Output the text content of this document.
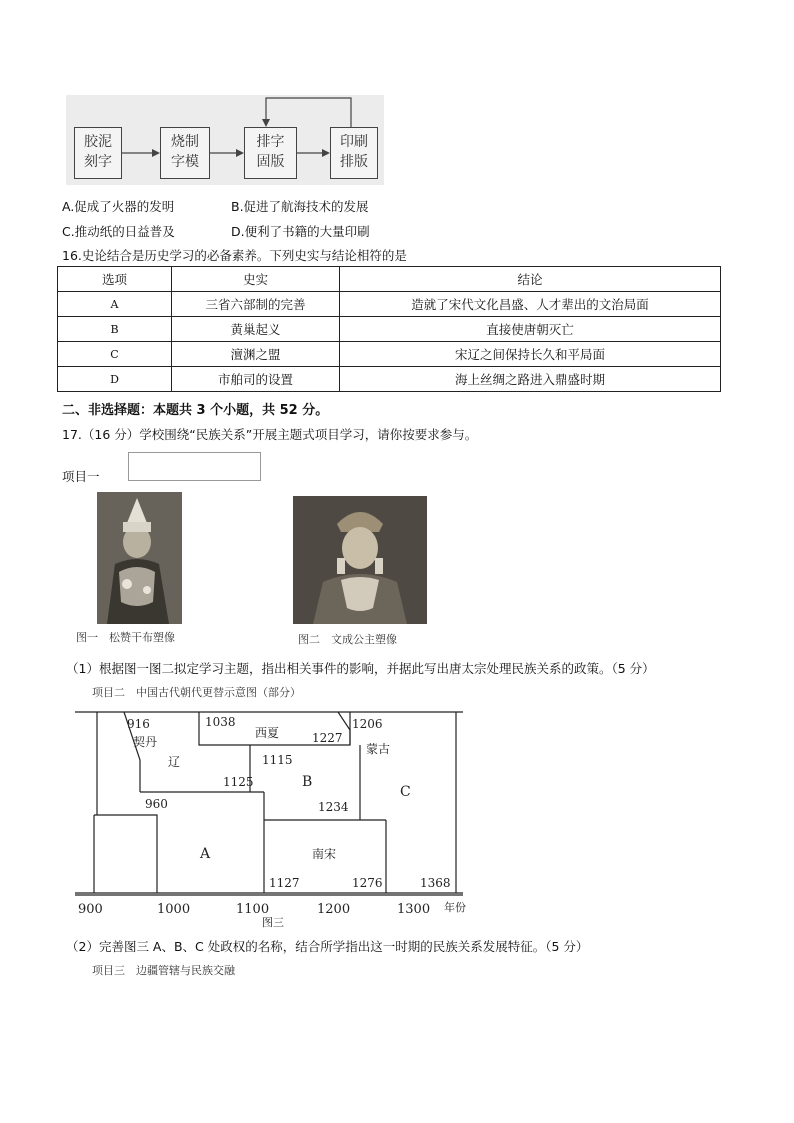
胶泥
刻字
烧制
字模
排字
固版
印刷
排版
A.促成了火器的发明	B.促进了航海技术的发展
C.推动纸的日益普及	D.便利了书籍的大量印刷
16.史论结合是历史学习的必备素养。下列史实与结论相符的是
选项	史实	结论
A	三省六部制的完善	造就了宋代文化昌盛、人才辈出的文治局面
B	黄巢起义	直接使唐朝灭亡
C	澶渊之盟	宋辽之间保持长久和平局面
D	市舶司的设置	海上丝绸之路进入鼎盛时期
二、非选择题：本题共 3 个小题，共 52 分。
17.（16 分）学校围绕“民族关系”开展主题式项目学习，请你按要求参与。
项目一
图一　松赞干布塑像	图二　文成公主塑像
（1）根据图一图二拟定学习主题，指出相关事件的影响，并据此写出唐太宗处理民族关系的政策。（5 分）
项目二　中国古代朝代更替示意图（部分）
916
契丹
1038
西夏	1227
1206
蒙古
辽	1115
1125	B
1234
C
960
A	南宋
1127	1276	1368
900	1000	1100	1200	1300 年份
图三
（2）完善图三 A、B、C 处政权的名称，结合所学指出这一时期的民族关系发展特征。（5 分）
项目三　边疆管辖与民族交融
